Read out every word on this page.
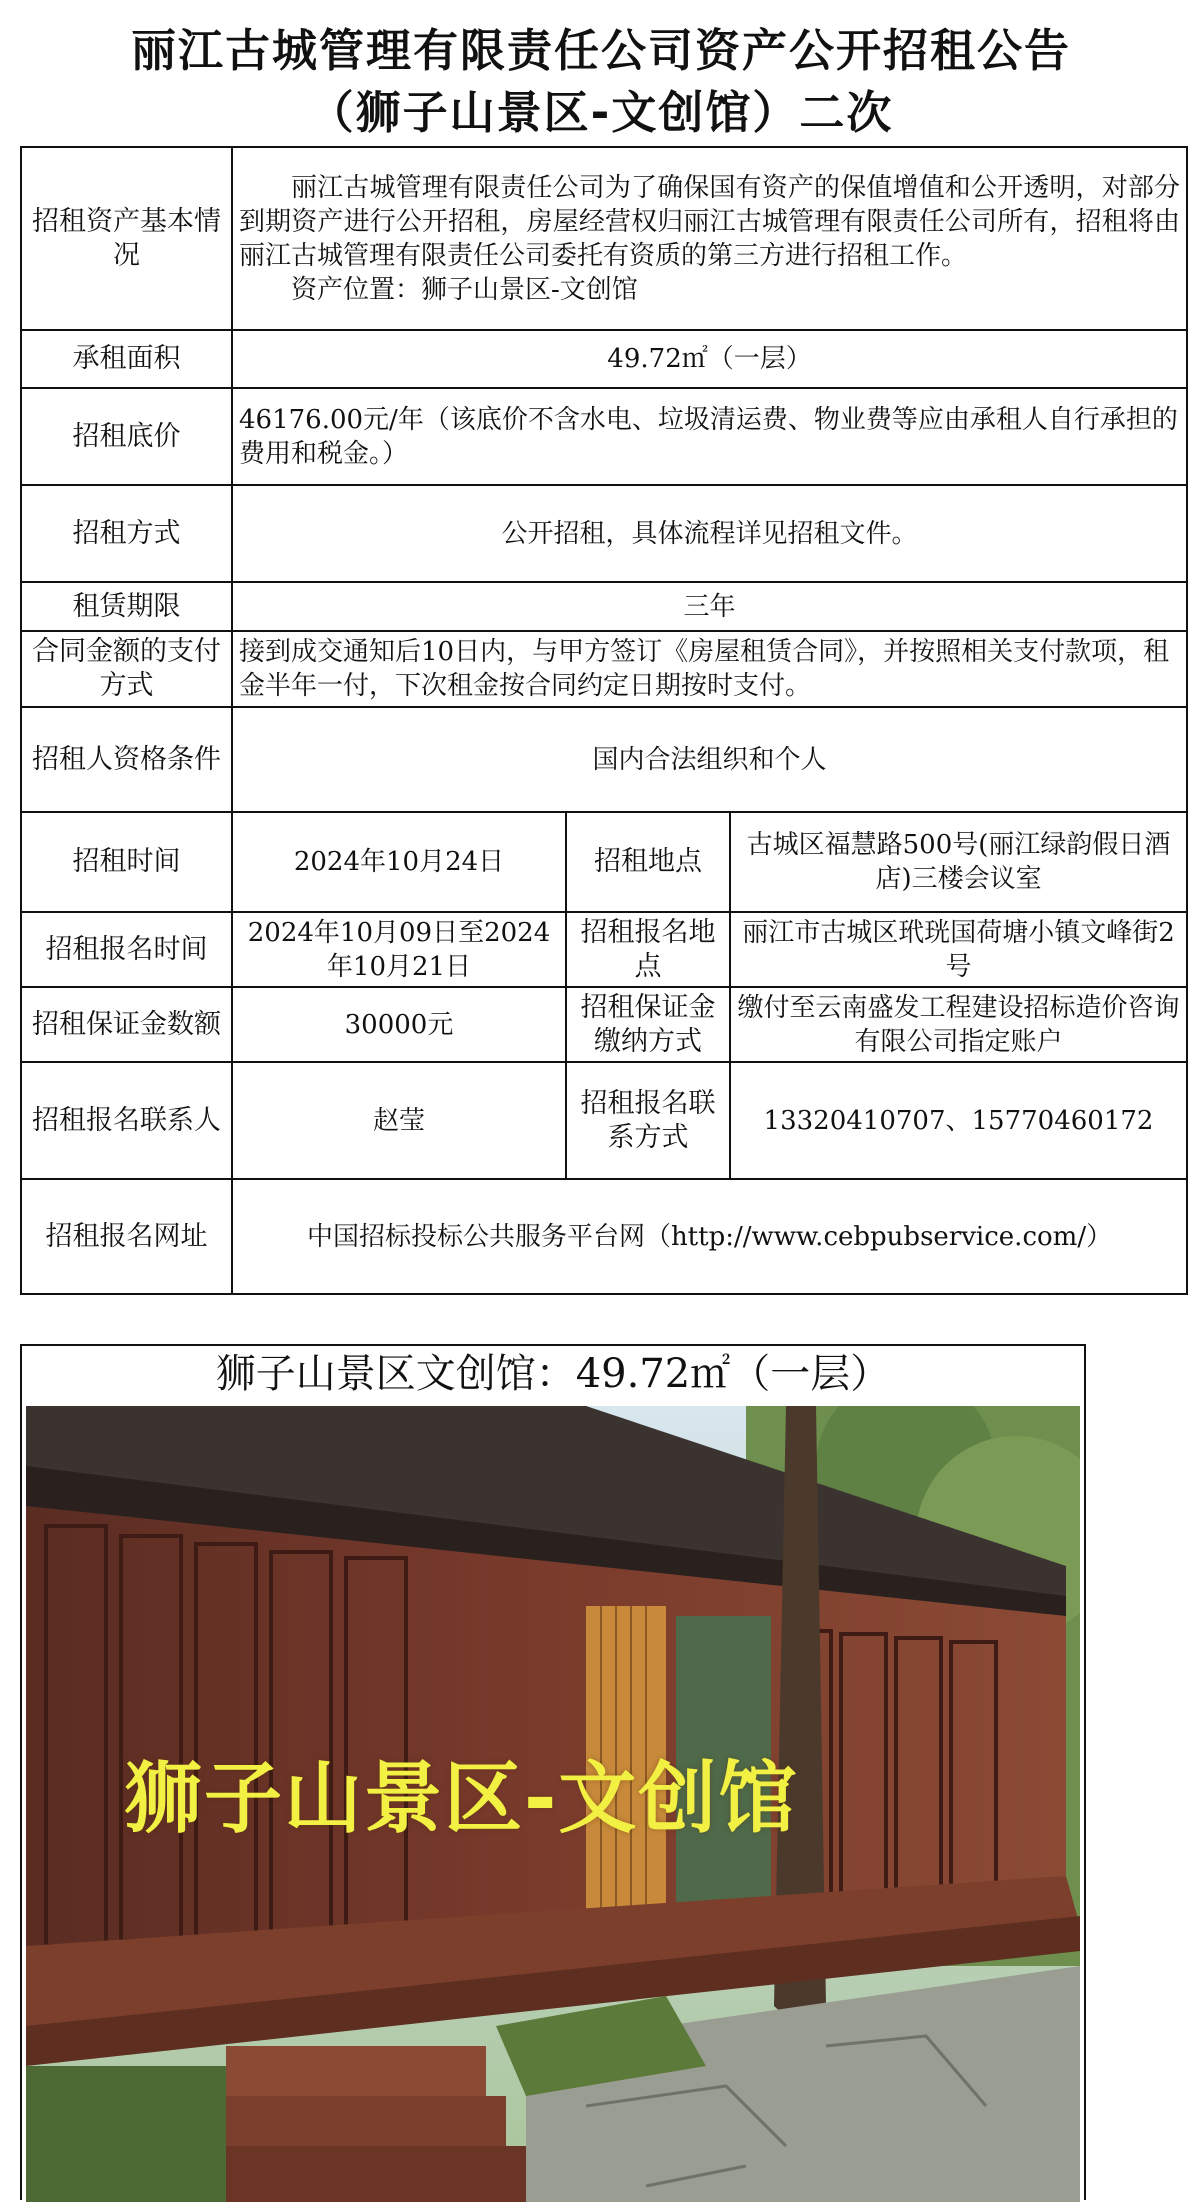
丽江古城管理有限责任公司资产公开招租公告
（狮子山景区-文创馆）二次
招租资产基本情况	丽江古城管理有限责任公司为了确保国有资产的保值增值和公开透明，对部分到期资产进行公开招租，房屋经营权归丽江古城管理有限责任公司所有，招租将由丽江古城管理有限责任公司委托有资质的第三方进行招租工作。
资产位置：狮子山景区-文创馆		

承租面积	49.72㎡（一层）		
招租底价	46176.00元/年（该底价不含水电、垃圾清运费、物业费等应由承租人自行承担的费用和税金。）		
招租方式	公开招租，具体流程详见招租文件。		
租赁期限	三年		
合同金额的支付方式	接到成交通知后10日内，与甲方签订《房屋租赁合同》，并按照相关支付款项，租金半年一付，下次租金按合同约定日期按时支付。		
招租人资格条件	国内合法组织和个人		
招租时间	2024年10月24日	招租地点	古城区福慧路500号(丽江绿韵假日酒店)三楼会议室
招租报名时间	2024年10月09日至2024年10月21日	招租报名地点	丽江市古城区玳珖国荷塘小镇文峰街2号
招租保证金数额	30000元	招租保证金缴纳方式	缴付至云南盛发工程建设招标造价咨询有限公司指定账户
招租报名联系人	赵莹	招租报名联系方式	13320410707、15770460172
招租报名网址	中国招标投标公共服务平台网（http://www.cebpubservice.com/）		
狮子山景区文创馆：49.72㎡（一层）
狮子山景区-文创馆
